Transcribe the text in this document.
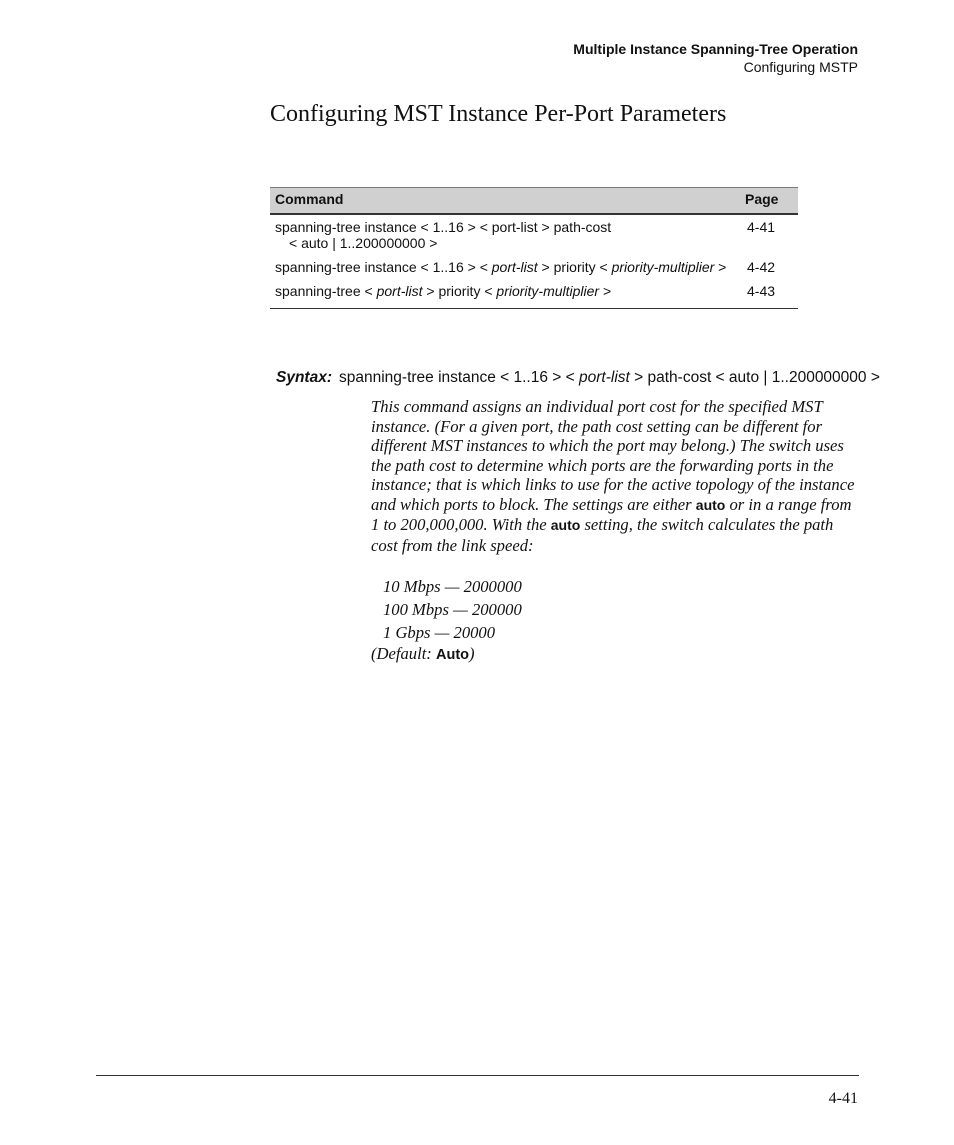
Multiple Instance Spanning-Tree Operation
Configuring MSTP
Configuring MST Instance Per-Port Parameters
Command	Page
spanning-tree instance < 1..16 > < port-list > path-cost
< auto | 1..200000000 >	4-41
spanning-tree instance < 1..16 > < port-list > priority < priority-multiplier >	4-42
spanning-tree < port-list > priority < priority-multiplier >	4-43
Syntax: spanning-tree instance < 1..16 > < port-list > path-cost < auto | 1..200000000 >

This command assigns an individual port cost for the specified MST instance. (For a given port, the path cost setting can be different for different MST instances to which the port may belong.) The switch uses the path cost to determine which ports are the forwarding ports in the instance; that is which links to use for the active topology of the instance and which ports to block. The settings are either auto or in a range from 1 to 200,000,000. With the auto setting, the switch calculates the path cost from the link speed:

10 Mbps — 2000000
100 Mbps — 200000
1 Gbps — 20000
(Default: Auto)
4-41
